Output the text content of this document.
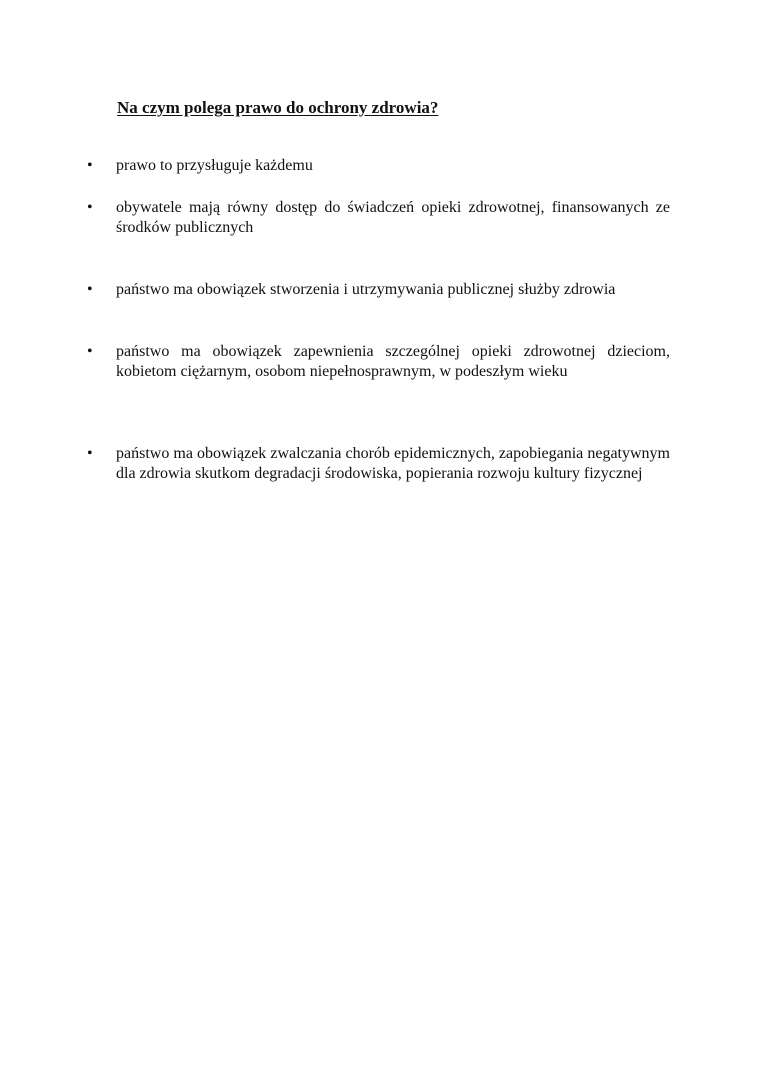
Na czym polega prawo do ochrony zdrowia?
• prawo to przysługuje każdemu
• obywatele mają równy dostęp do świadczeń opieki zdrowotnej, finansowanych ze środków publicznych
• państwo ma obowiązek stworzenia i utrzymywania publicznej służby zdrowia
• państwo ma obowiązek zapewnienia szczególnej opieki zdrowotnej dzieciom, kobietom ciężarnym, osobom niepełnosprawnym, w podeszłym wieku
• państwo ma obowiązek zwalczania chorób epidemicznych, zapobiegania negatywnym dla zdrowia skutkom degradacji środowiska, popierania rozwoju kultury fizycznej
